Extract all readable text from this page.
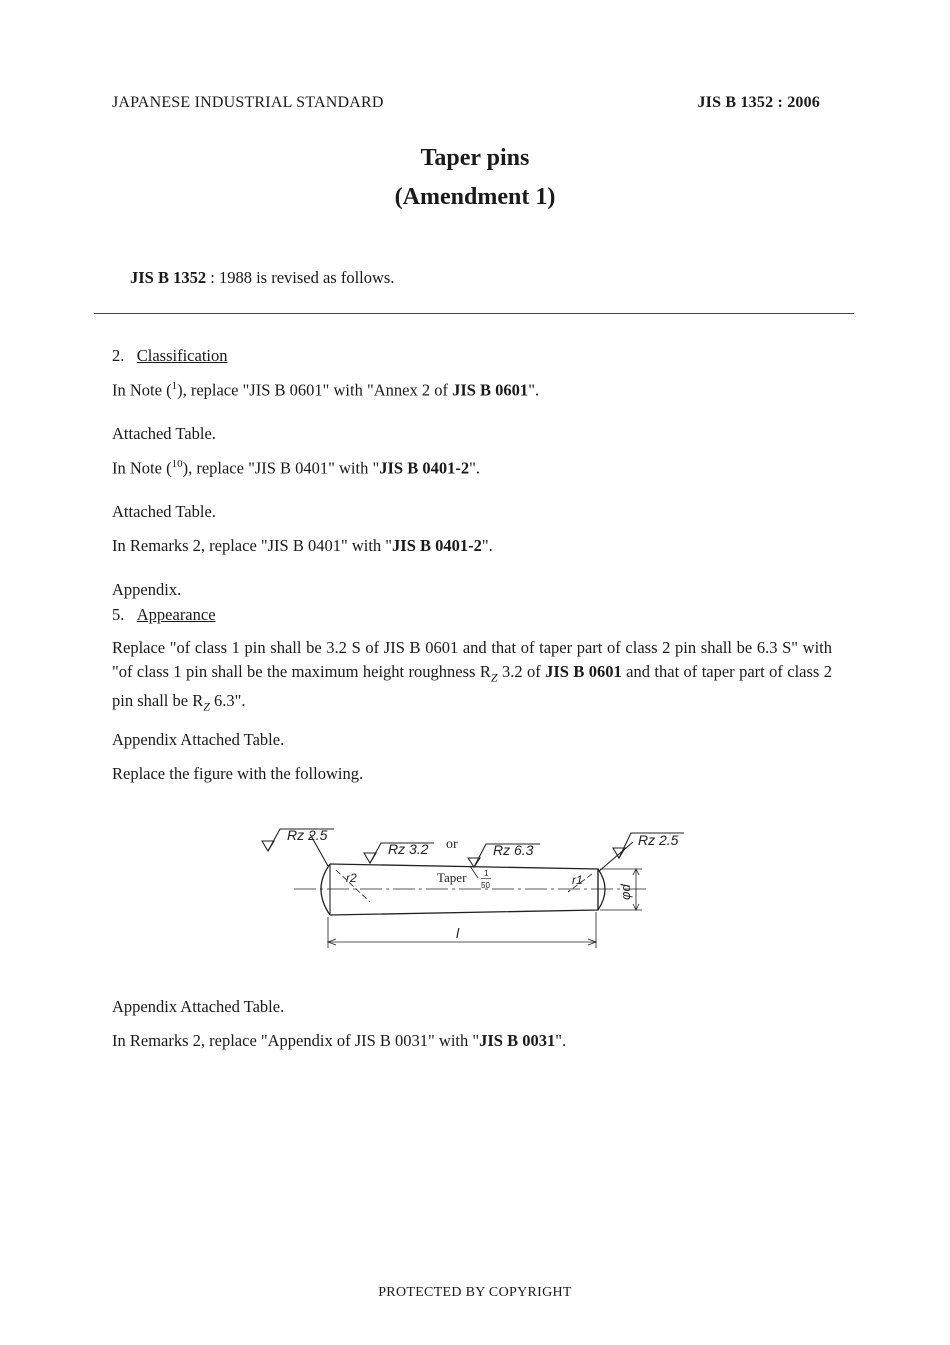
JAPANESE INDUSTRIAL STANDARD	JIS B 1352 : 2006
Taper pins
(Amendment 1)
JIS B 1352 : 1988 is revised as follows.
2. Classification
In Note ($^1$), replace "JIS B 0601" with "Annex 2 of JIS B 0601".
Attached Table.
In Note ($^{10}$), replace "JIS B 0401" with "JIS B 0401-2".
Attached Table.
In Remarks 2, replace "JIS B 0401" with "JIS B 0401-2".
Appendix.
5. Appearance
Replace "of class 1 pin shall be 3.2 S of JIS B 0601 and that of taper part of class 2 pin shall be 6.3 S" with "of class 1 pin shall be the maximum height roughness $R_Z$ 3.2 of JIS B 0601 and that of taper part of class 2 pin shall be $R_Z$ 6.3".
Appendix Attached Table.
Replace the figure with the following.
Rz 2.5
Rz 3.2 or	Rz 6.3
Rz 2.5
Taper 1
50
r2	r1
φd
l
Appendix Attached Table.
In Remarks 2, replace "Appendix of JIS B 0031" with "JIS B 0031".
PROTECTED BY COPYRIGHT
